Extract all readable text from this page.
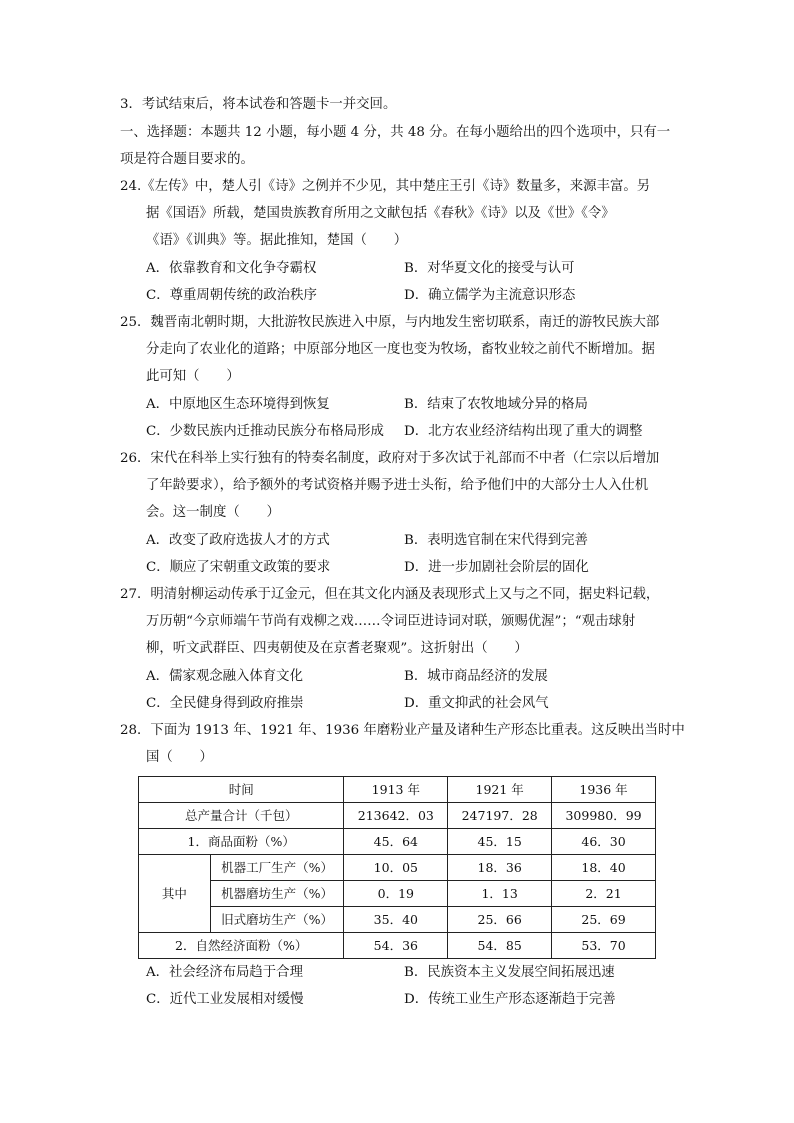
3．考试结束后，将本试卷和答题卡一并交回。
一、选择题：本题共 12 小题，每小题 4 分，共 48 分。在每小题给出的四个选项中，只有一
项是符合题目要求的。
24.《左传》中，楚人引《诗》之例并不少见，其中楚庄王引《诗》数量多，来源丰富。另
据《国语》所载，楚国贵族教育所用之文献包括《春秋》《诗》以及《世》《令》
《语》《训典》等。据此推知，楚国（　　）
A．依靠教育和文化争夺霸权	B．对华夏文化的接受与认可
C．尊重周朝传统的政治秩序	D．确立儒学为主流意识形态
25．魏晋南北朝时期，大批游牧民族进入中原，与内地发生密切联系，南迁的游牧民族大部
分走向了农业化的道路；中原部分地区一度也变为牧场，畜牧业较之前代不断增加。据
此可知（　　）
A．中原地区生态环境得到恢复	B．结束了农牧地域分异的格局
C．少数民族内迁推动民族分布格局形成 D．北方农业经济结构出现了重大的调整
26．宋代在科举上实行独有的特奏名制度，政府对于多次试于礼部而不中者（仁宗以后增加
了年龄要求），给予额外的考试资格并赐予进士头衔，给予他们中的大部分士人入仕机
会。这一制度（　　）
A．改变了政府选拔人才的方式	B．表明选官制在宋代得到完善
C．顺应了宋朝重文政策的要求	D．进一步加剧社会阶层的固化
27．明清射柳运动传承于辽金元，但在其文化内涵及表现形式上又与之不同，据史料记载，
万历朝“今京师端午节尚有戏柳之戏……令词臣进诗词对联，颁赐优渥”；“观击球射
柳，听文武群臣、四夷朝使及在京耆老聚观”。这折射出（　　）
A．儒家观念融入体育文化	B．城市商品经济的发展
C．全民健身得到政府推崇	D．重文抑武的社会风气
28．下面为 1913 年、1921 年、1936 年磨粉业产量及诸种生产形态比重表。这反映出当时中
国（　　）
时间		1913 年	1921 年	1936 年
总产量合计（千包）		213642．03	247197．28	309980．99
1．商品面粉（%）		45．64	45．15	46．30
其中	机器工厂生产（%）	10．05	18．36	18．40
	机器磨坊生产（%）	0．19	1．13	2．21
	旧式磨坊生产（%）	35．40	25．66	25．69
2．自然经济面粉（%）		54．36	54．85	53．70
A．社会经济布局趋于合理	B．民族资本主义发展空间拓展迅速
C．近代工业发展相对缓慢	D．传统工业生产形态逐渐趋于完善
